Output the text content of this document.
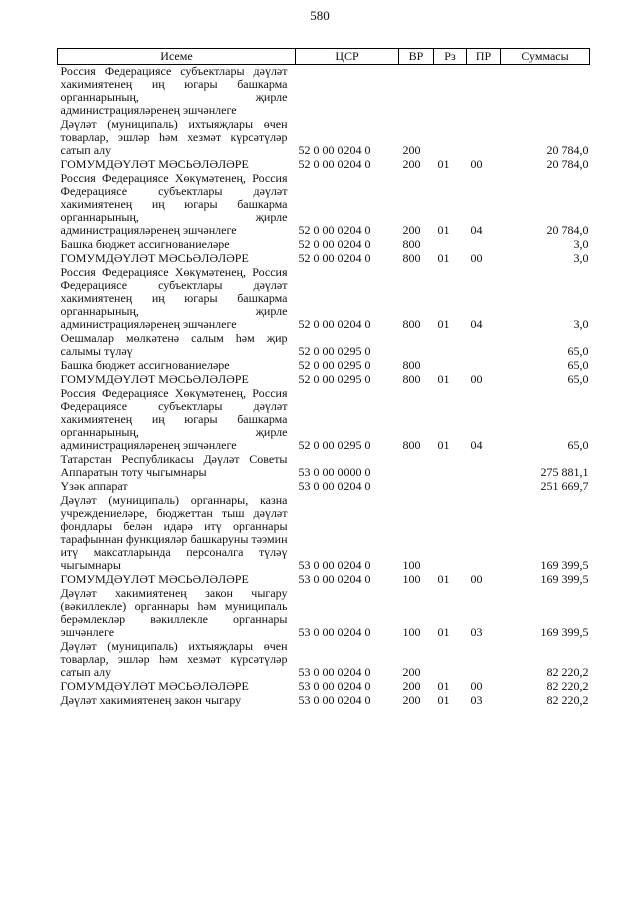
580
Исеме	ЦСР	ВР	Рз	ПР	Суммасы
Россия Федерациясе субъектлары дәүләт хакимиятенең иң югары башкарма органнарының, җирле администрацияләренең эшчәнлеге					
Дәүләт (муниципаль) ихтыяҗлары өчен товарлар, эшләр һәм хезмәт күрсәтүләр сатып алу	52 0 00 0204 0	200			20 784,0
ГОМУМДӘҮЛӘТ МӘСЬӘЛӘЛӘРЕ	52 0 00 0204 0	200	01	00	20 784,0
Россия Федерациясе Хөкүмәтенең, Россия Федерациясе субъектлары дәүләт хакимиятенең иң югары башкарма органнарының, җирле администрацияләренең эшчәнлеге	52 0 00 0204 0	200	01	04	20 784,0
Башка бюджет ассигнованиеләре	52 0 00 0204 0	800			3,0
ГОМУМДӘҮЛӘТ МӘСЬӘЛӘЛӘРЕ	52 0 00 0204 0	800	01	00	3,0
Россия Федерациясе Хөкүмәтенең, Россия Федерациясе субъектлары дәүләт хакимиятенең иң югары башкарма органнарының, җирле администрацияләренең эшчәнлеге	52 0 00 0204 0	800	01	04	3,0
Оешмалар мөлкәтенә салым һәм җир салымы түләү	52 0 00 0295 0				65,0
Башка бюджет ассигнованиеләре	52 0 00 0295 0	800			65,0
ГОМУМДӘҮЛӘТ МӘСЬӘЛӘЛӘРЕ	52 0 00 0295 0	800	01	00	65,0
Россия Федерациясе Хөкүмәтенең, Россия Федерациясе субъектлары дәүләт хакимиятенең иң югары башкарма органнарының, җирле администрацияләренең эшчәнлеге	52 0 00 0295 0	800	01	04	65,0
Татарстан Республикасы Дәүләт Советы Аппаратын тоту чыгымнары	53 0 00 0000 0				275 881,1
Үзәк аппарат	53 0 00 0204 0				251 669,7
Дәүләт (муниципаль) органнары, казна учреждениеләре, бюджеттан тыш дәүләт фондлары белән идарә итү органнары тарафыннан функцияләр башкаруны тәэмин итү максатларында персоналга түләү чыгымнары	53 0 00 0204 0	100			169 399,5
ГОМУМДӘҮЛӘТ МӘСЬӘЛӘЛӘРЕ	53 0 00 0204 0	100	01	00	169 399,5
Дәүләт хакимиятенең закон чыгару (вәкиллекле) органнары һәм муниципаль берәмлекләр вәкиллекле органнары эшчәнлеге	53 0 00 0204 0	100	01	03	169 399,5
Дәүләт (муниципаль) ихтыяҗлары өчен товарлар, эшләр һәм хезмәт күрсәтүләр сатып алу	53 0 00 0204 0	200			82 220,2
ГОМУМДӘҮЛӘТ МӘСЬӘЛӘЛӘРЕ	53 0 00 0204 0	200	01	00	82 220,2
Дәүләт хакимиятенең закон чыгару	53 0 00 0204 0	200	01	03	82 220,2
